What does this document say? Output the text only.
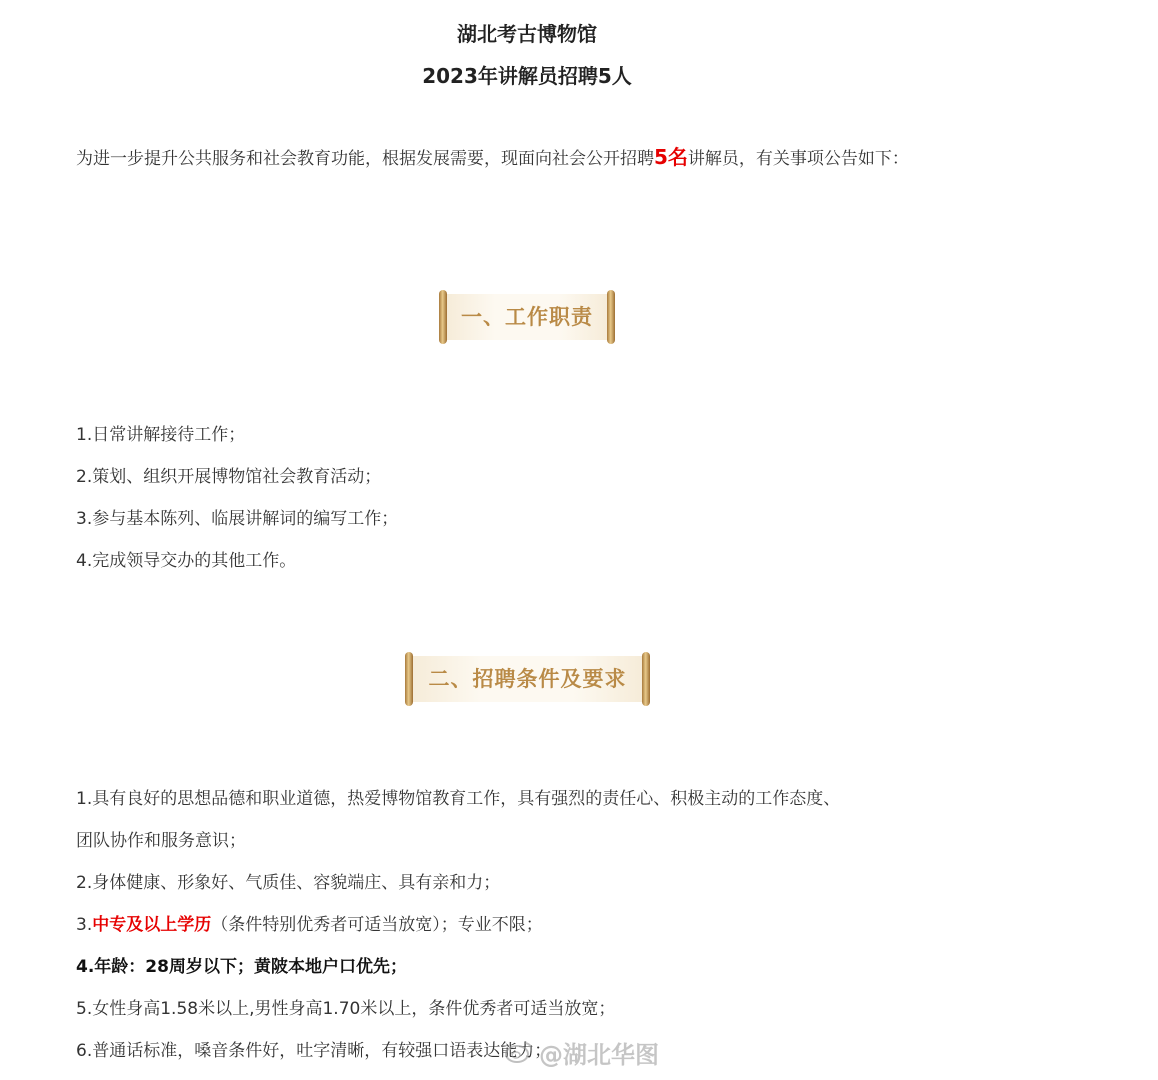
湖北考古博物馆
2023年讲解员招聘5人
为进一步提升公共服务和社会教育功能，根据发展需要，现面向社会公开招聘5名讲解员，有关事项公告如下：
一、工作职责
1.日常讲解接待工作；
2.策划、组织开展博物馆社会教育活动；
3.参与基本陈列、临展讲解词的编写工作；
4.完成领导交办的其他工作。
二、招聘条件及要求
1.具有良好的思想品德和职业道德，热爱博物馆教育工作，具有强烈的责任心、积极主动的工作态度、
团队协作和服务意识；
2.身体健康、形象好、气质佳、容貌端庄、具有亲和力；
3.中专及以上学历（条件特别优秀者可适当放宽）；专业不限；
4.年龄：28周岁以下；黄陂本地户口优先；
5.女性身高1.58米以上,男性身高1.70米以上，条件优秀者可适当放宽；
6.普通话标准，嗓音条件好，吐字清晰，有较强口语表达能力；
@湖北华图
